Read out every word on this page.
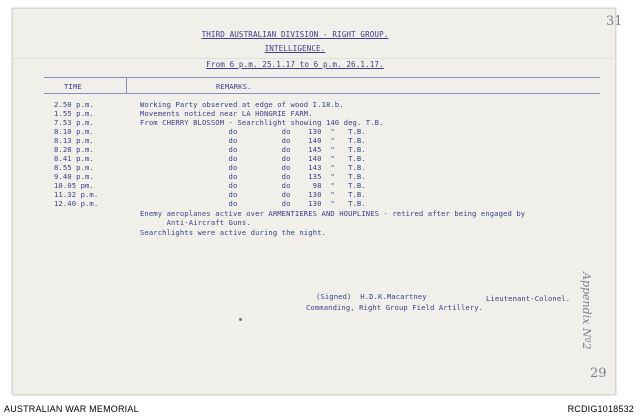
THIRD AUSTRALIAN DIVISION - RIGHT GROUP.
INTELLIGENCE.
From 6 p.m. 25.1.17 to 6 p.m. 26.1.17.
TIME	REMARKS.
2.50 p.m.	Working Party observed at edge of wood I.18.b.
1.55 p.m.	Movements noticed near LA HONGRIE FARM.
7.53 p.m.	From CHERRY BLOSSOM - Searchlight showing 140 deg. T.B.
8.10 p.m.	do          do    130  "   T.B.
8.13 p.m.	do          do    140  "   T.B.
8.28 p.m.	do          do    145  "   T.B.
8.41 p.m.	do          do    140  "   T.B.
8.55 p.m.	do          do    143  "   T.B.
9.40 p.m.	do          do    135  "   T.B.
10.05 pm.	do          do     98  "   T.B.
11.32 p.m.	do          do    130  "   T.B.
12.40 p.m.	do          do    130  "   T.B.
Enemy aeroplanes active over ARMENTIERES AND HOUPLINES - retired after being engaged by
Anti-Aircraft Guns.
Searchlights were active during the night.
(Signed)  H.D.K.Macartney	Lieutenant-Colonel.
Commanding, Right Group Field Artillery.
31
Appendix Nº2
29
AUSTRALIAN WAR MEMORIAL	RCDIG1018532
